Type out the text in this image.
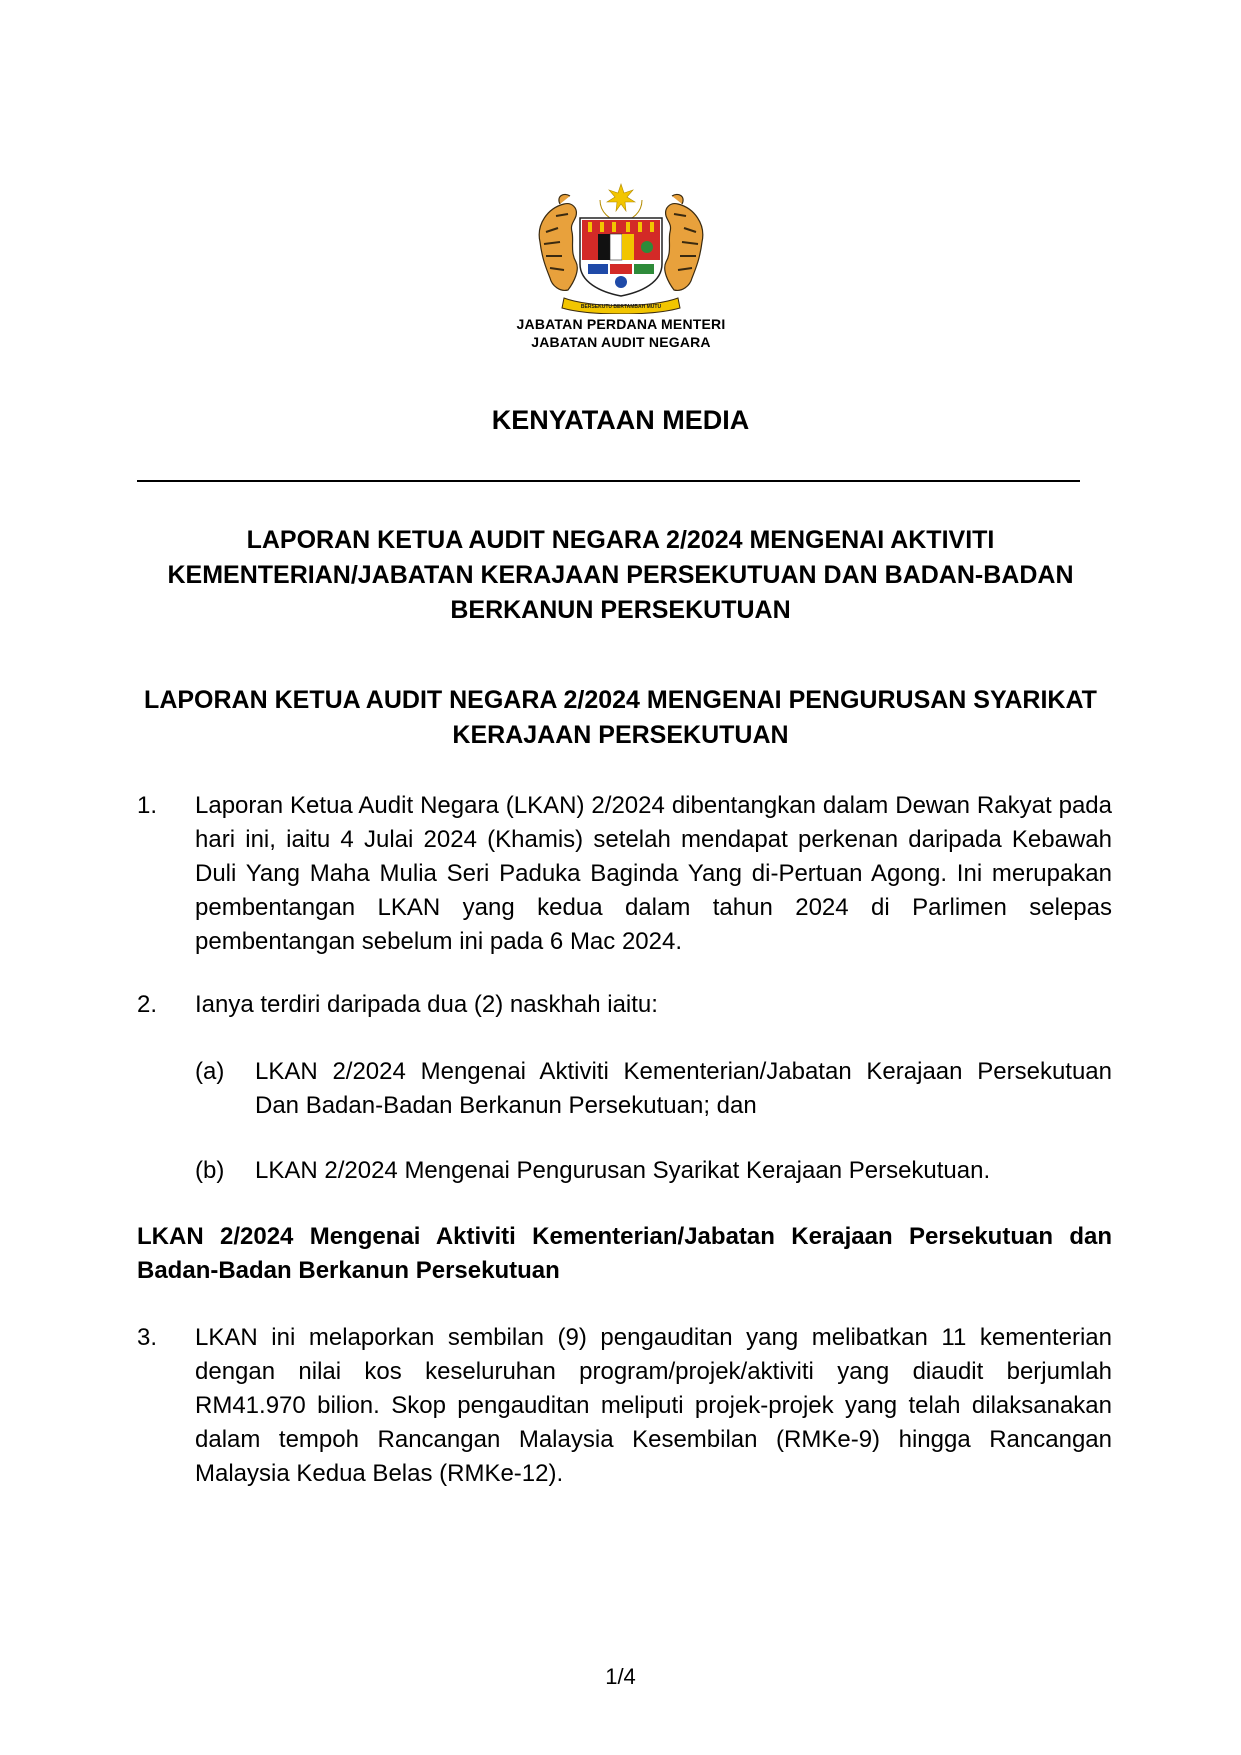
BERSEKUTU BERTAMBAH MUTU
JABATAN PERDANA MENTERI
JABATAN AUDIT NEGARA
KENYATAAN MEDIA
LAPORAN KETUA AUDIT NEGARA 2/2024 MENGENAI AKTIVITI KEMENTERIAN/JABATAN KERAJAAN PERSEKUTUAN DAN BADAN-BADAN BERKANUN PERSEKUTUAN
LAPORAN KETUA AUDIT NEGARA 2/2024 MENGENAI PENGURUSAN SYARIKAT KERAJAAN PERSEKUTUAN
1.	Laporan Ketua Audit Negara (LKAN) 2/2024 dibentangkan dalam Dewan Rakyat pada hari ini, iaitu 4 Julai 2024 (Khamis) setelah mendapat perkenan daripada Kebawah Duli Yang Maha Mulia Seri Paduka Baginda Yang di-Pertuan Agong. Ini merupakan pembentangan LKAN yang kedua dalam tahun 2024 di Parlimen selepas pembentangan sebelum ini pada 6 Mac 2024.
2.	Ianya terdiri daripada dua (2) naskhah iaitu:
(a)	LKAN 2/2024 Mengenai Aktiviti Kementerian/Jabatan Kerajaan Persekutuan Dan Badan-Badan Berkanun Persekutuan; dan
(b)	LKAN 2/2024 Mengenai Pengurusan Syarikat Kerajaan Persekutuan.
LKAN 2/2024 Mengenai Aktiviti Kementerian/Jabatan Kerajaan Persekutuan dan Badan-Badan Berkanun Persekutuan
3.	LKAN ini melaporkan sembilan (9) pengauditan yang melibatkan 11 kementerian dengan nilai kos keseluruhan program/projek/aktiviti yang diaudit berjumlah RM41.970 bilion. Skop pengauditan meliputi projek-projek yang telah dilaksanakan dalam tempoh Rancangan Malaysia Kesembilan (RMKe-9) hingga Rancangan Malaysia Kedua Belas (RMKe-12).
1/4
